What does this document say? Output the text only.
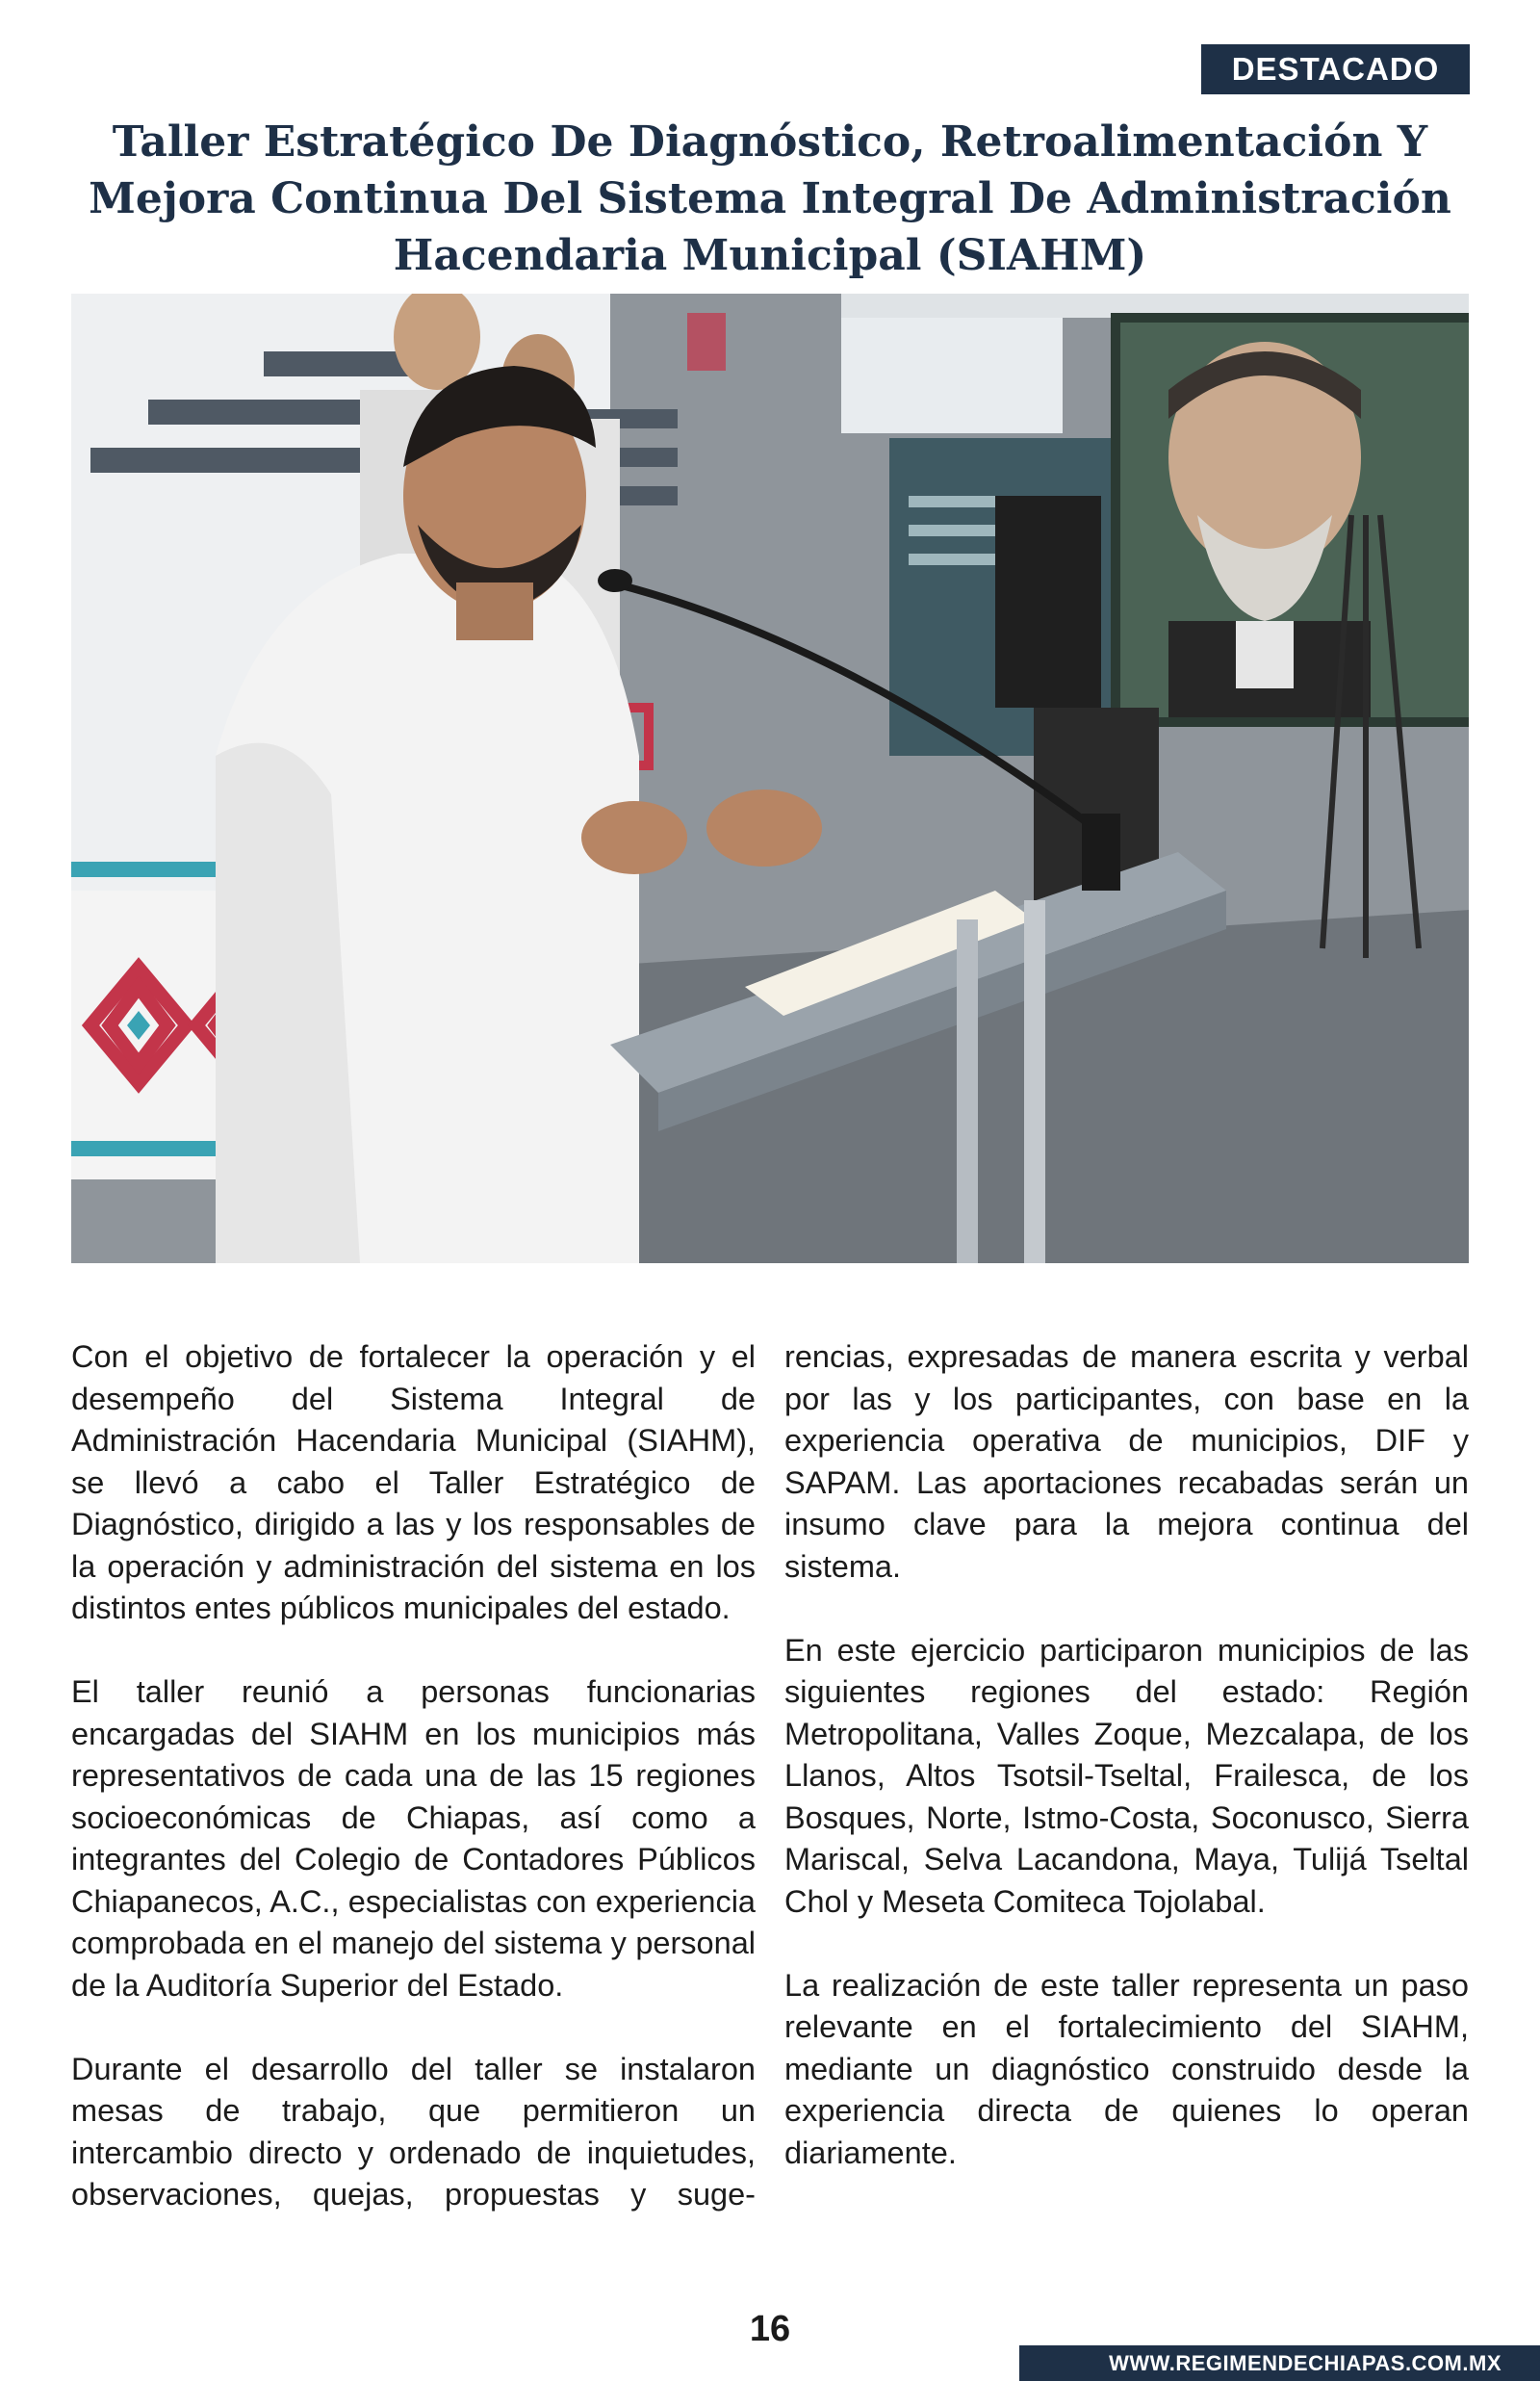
DESTACADO
Taller Estratégico De Diagnóstico, Retroalimentación Y Mejora Continua Del Sistema Integral De Administración Hacendaria Municipal (SIAHM)

Con el objetivo de fortalecer la operación y el desempeño del Sistema Integral de Administración Hacendaria Municipal (SIAHM), se llevó a cabo el Taller Estratégico de Diagnóstico, dirigido a las y los responsables de la operación y administración del sistema en los distintos entes públicos municipales del estado.

El taller reunió a personas funcionarias encargadas del SIAHM en los municipios más representativos de cada una de las 15 regiones socioeconómicas de Chiapas, así como a integrantes del Colegio de Contadores Públicos Chiapanecos, A.C., especialistas con experiencia comprobada en el manejo del sistema y personal de la Auditoría Superior del Estado.

Durante el desarrollo del taller se instalaron mesas de trabajo, que permitieron un intercambio directo y ordenado de inquietudes, observaciones, quejas, propuestas y suge-

rencias, expresadas de manera escrita y verbal por las y los participantes, con base en la experiencia operativa de municipios, DIF y SAPAM. Las aportaciones recabadas serán un insumo clave para la mejora continua del sistema.

En este ejercicio participaron municipios de las siguientes regiones del estado: Región Metropolitana, Valles Zoque, Mezcalapa, de los Llanos, Altos Tsotsil-Tseltal, Frailesca, de los Bosques, Norte, Istmo-Costa, Soconusco, Sierra Mariscal, Selva Lacandona, Maya, Tulijá Tseltal Chol y Meseta Comiteca Tojolabal.

La realización de este taller representa un paso relevante en el fortalecimiento del SIAHM, mediante un diagnóstico construido desde la experiencia directa de quienes lo operan diariamente.

16
WWW.REGIMENDECHIAPAS.COM.MX
